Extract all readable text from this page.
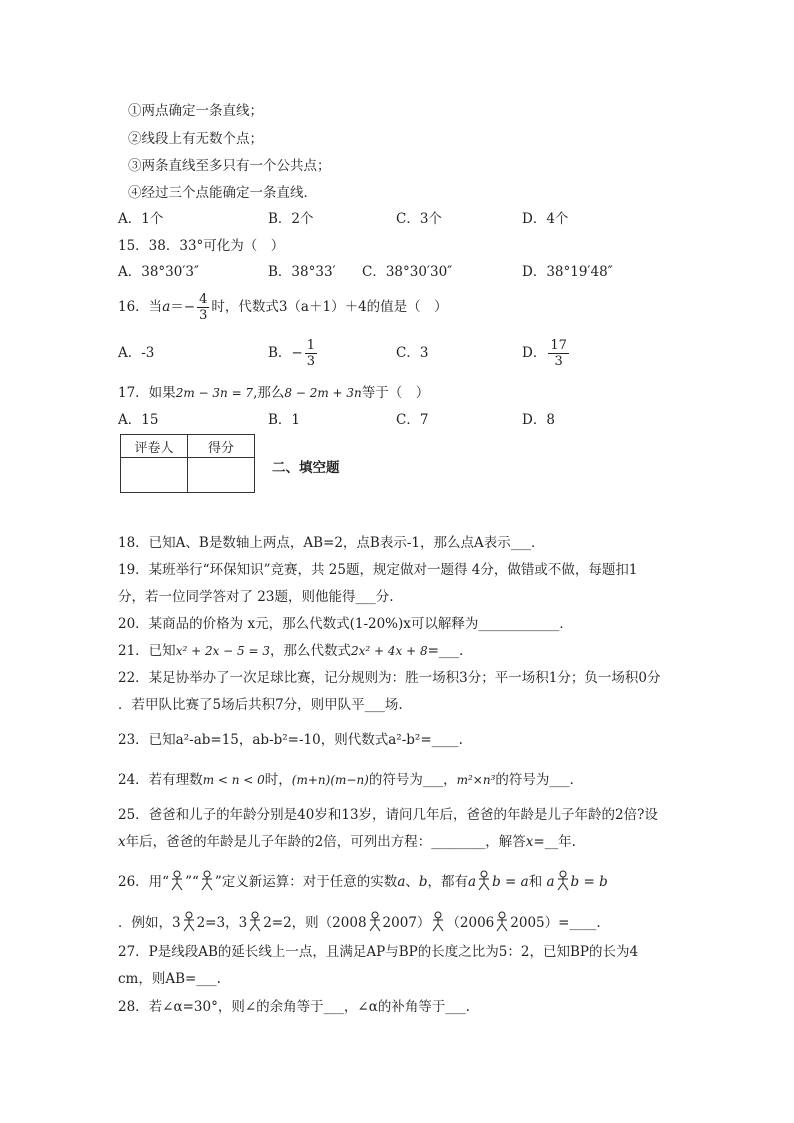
①两点确定一条直线；
②线段上有无数个点；
③两条直线至多只有一个公共点；
④经过三个点能确定一条直线．
A．1个	B．2个	C．3个	D．4个
15．38．33°可化为（　）
A．38°30′3″	B．38°33′ C．38°30′30″	D．38°19′48″
16．当$a=- \frac{4}{3}$ 时，代数式3（a＋1）＋4的值是（　）
A．-3	B．− $\frac{1}{3}$	C．3	D． $\frac{17}{3}$
17．如果2m − 3n = 7,那么8 − 2m + 3n等于（　）
A．15	B．1	C．7	D．8
评卷人	得分

二、填空题
18．已知A、B是数轴上两点，AB=2，点B表示-1，那么点A表示___．
19．某班举行“环保知识”竞赛，共 25题，规定做对一题得 4分，做错或不做，每题扣1
分，若一位同学答对了 23题，则他能得___分.
20．某商品的价格为 x元，那么代数式(1-20%)x可以解释为____________．
21．已知x² + 2x − 5 = 3，那么代数式2x² + 4x + 8=___．
22．某足协举办了一次足球比赛，记分规则为：胜一场积3分；平一场积1分；负一场积0分
．若甲队比赛了5场后共积7分，则甲队平___场.
23．已知a²-ab=15，ab-b²=-10，则代数式a²-b²=____.
24．若有理数m < n < 0时，(m+n)(m−n)的符号为___，m²×n³的符号为___．
25．爸爸和儿子的年龄分别是40岁和13岁，请问几年后，爸爸的年龄是儿子年龄的2倍?设
x年后，爸爸的年龄是儿子年龄的2倍，可列出方程：________，解答x=__年.
26．用“ ”“ ”定义新运算：对于任意的实数a、b，都有a b = a和 a b = b
．例如，3 2=3，3 2=2，则（2008 2007） （2006 2005）=____.
27．P是线段AB的延长线上一点，且满足AP与BP的长度之比为5：2，已知BP的长为4
cm，则AB=___.
28．若∠α=30°，则∠的余角等于___，∠α的补角等于___.
